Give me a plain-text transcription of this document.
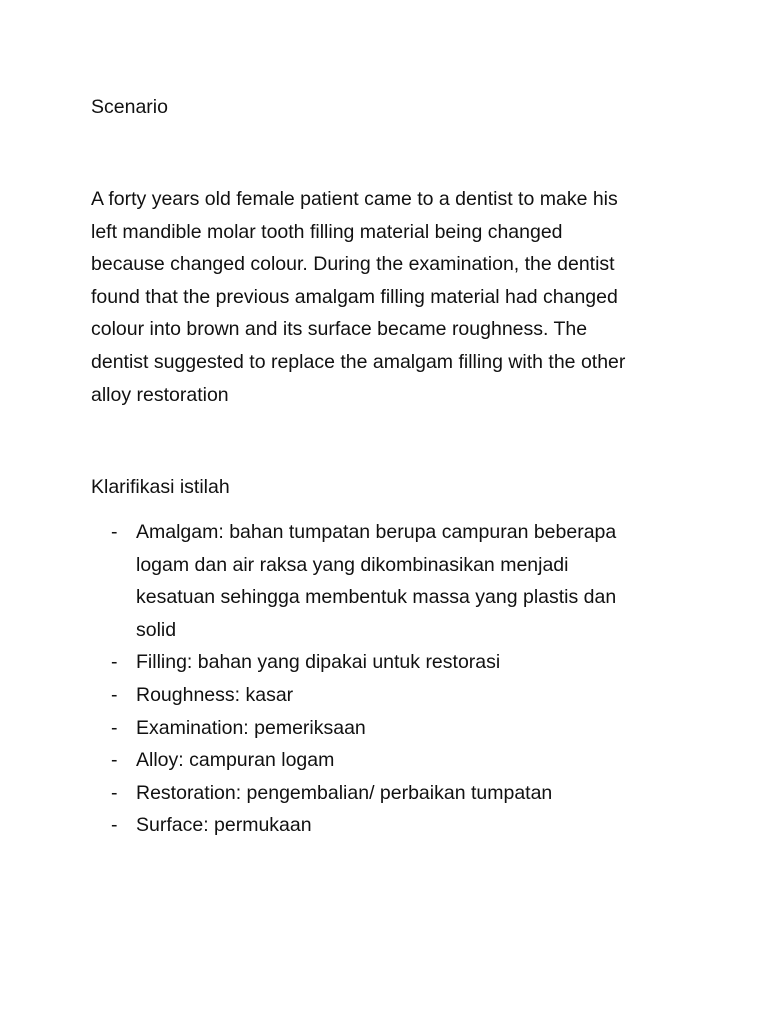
Scenario

A forty years old female patient came to a dentist to make his
left mandible molar tooth filling material being changed
because changed colour. During the examination, the dentist
found that the previous amalgam filling material had changed
colour into brown and its surface became roughness. The
dentist suggested to replace the amalgam filling with the other
alloy restoration

Klarifikasi istilah
- Amalgam: bahan tumpatan berupa campuran beberapa
logam dan air raksa yang dikombinasikan menjadi
kesatuan sehingga membentuk massa yang plastis dan
solid
- Filling: bahan yang dipakai untuk restorasi
- Roughness: kasar
- Examination: pemeriksaan
- Alloy: campuran logam
- Restoration: pengembalian/ perbaikan tumpatan
- Surface: permukaan
